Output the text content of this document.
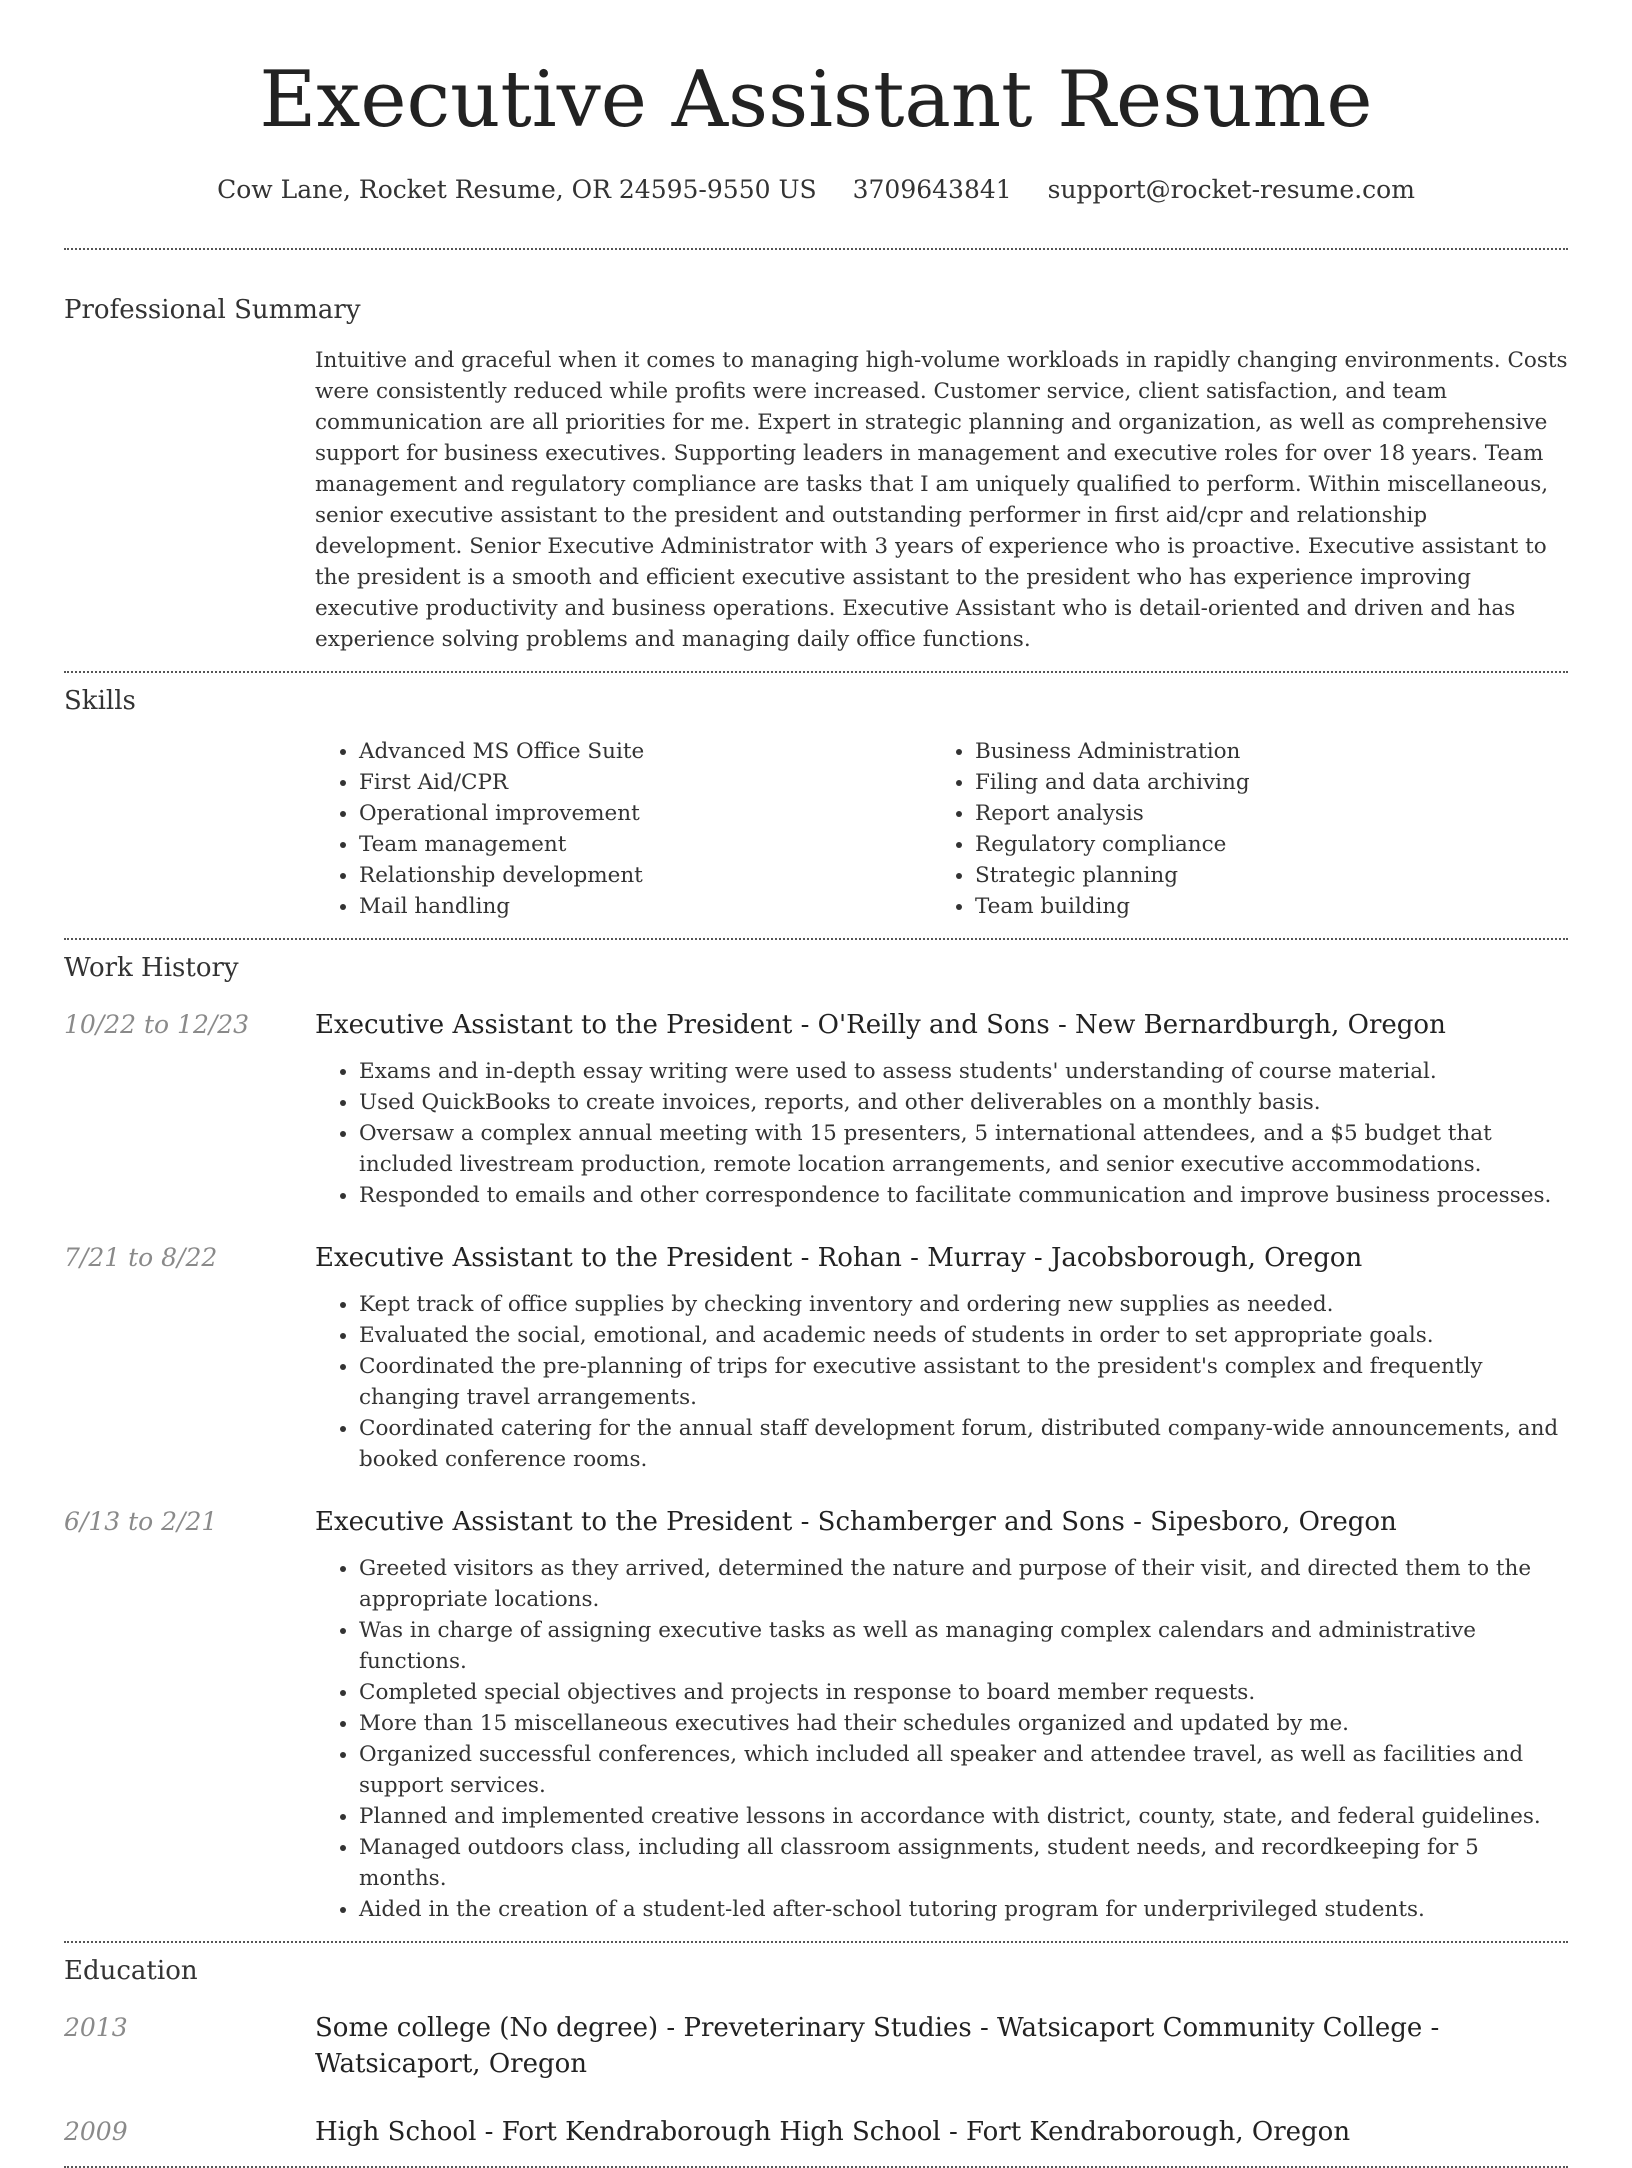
Executive Assistant Resume
Cow Lane, Rocket Resume, OR 24595-9550 US 3709643841 support@rocket-resume.com
Professional Summary

Intuitive and graceful when it comes to managing high-volume workloads in rapidly changing environments. Costs were consistently reduced while profits were increased. Customer service, client satisfaction, and team communication are all priorities for me. Expert in strategic planning and organization, as well as comprehensive support for business executives. Supporting leaders in management and executive roles for over 18 years. Team management and regulatory compliance are tasks that I am uniquely qualified to perform. Within miscellaneous, senior executive assistant to the president and outstanding performer in first aid/cpr and relationship development. Senior Executive Administrator with 3 years of experience who is proactive. Executive assistant to the president is a smooth and efficient executive assistant to the president who has experience improving executive productivity and business operations. Executive Assistant who is detail-oriented and driven and has experience solving problems and managing daily office functions.

Skills
• Advanced MS Office Suite
• First Aid/CPR
• Operational improvement
• Team management
• Relationship development
• Mail handling
• Business Administration
• Filing and data archiving
• Report analysis
• Regulatory compliance
• Strategic planning
• Team building
Work History
10/22 to 12/23	Executive Assistant to the President - O'Reilly and Sons - New Bernardburgh, Oregon
• Exams and in-depth essay writing were used to assess students' understanding of course material.
• Used QuickBooks to create invoices, reports, and other deliverables on a monthly basis.
• Oversaw a complex annual meeting with 15 presenters, 5 international attendees, and a $5 budget that included livestream production, remote location arrangements, and senior executive accommodations.
• Responded to emails and other correspondence to facilitate communication and improve business processes.
7/21 to 8/22	Executive Assistant to the President - Rohan - Murray - Jacobsborough, Oregon
• Kept track of office supplies by checking inventory and ordering new supplies as needed.
• Evaluated the social, emotional, and academic needs of students in order to set appropriate goals.
• Coordinated the pre-planning of trips for executive assistant to the president's complex and frequently changing travel arrangements.
• Coordinated catering for the annual staff development forum, distributed company-wide announcements, and booked conference rooms.
6/13 to 2/21	Executive Assistant to the President - Schamberger and Sons - Sipesboro, Oregon
• Greeted visitors as they arrived, determined the nature and purpose of their visit, and directed them to the appropriate locations.
• Was in charge of assigning executive tasks as well as managing complex calendars and administrative functions.
• Completed special objectives and projects in response to board member requests.
• More than 15 miscellaneous executives had their schedules organized and updated by me.
• Organized successful conferences, which included all speaker and attendee travel, as well as facilities and support services.
• Planned and implemented creative lessons in accordance with district, county, state, and federal guidelines.
• Managed outdoors class, including all classroom assignments, student needs, and recordkeeping for 5 months.
• Aided in the creation of a student-led after-school tutoring program for underprivileged students.
Education
2013	Some college (No degree) - Preveterinary Studies - Watsicaport Community College - Watsicaport, Oregon
2009	High School - Fort Kendraborough High School - Fort Kendraborough, Oregon
